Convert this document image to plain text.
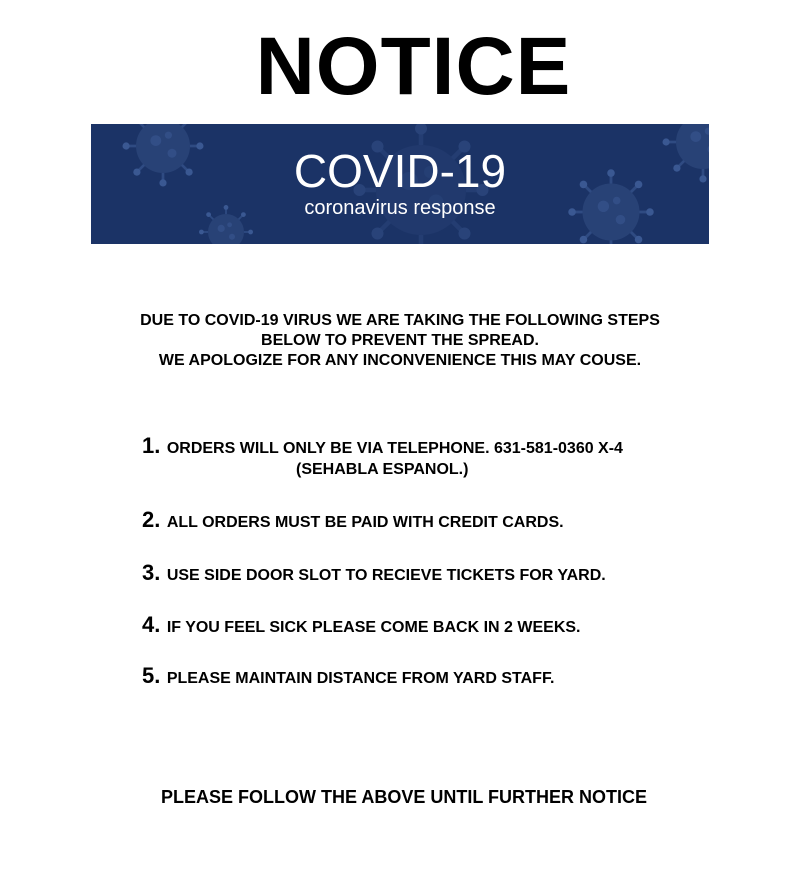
NOTICE
COVID-19
coronavirus response
DUE TO COVID-19 VIRUS WE ARE TAKING THE FOLLOWING STEPS
BELOW TO PREVENT THE SPREAD.
WE APOLOGIZE FOR ANY INCONVENIENCE THIS MAY COUSE.
1. ORDERS WILL ONLY BE VIA TELEPHONE. 631-581-0360 X-4
(SEHABLA ESPANOL.)
2. ALL ORDERS MUST BE PAID WITH CREDIT CARDS.
3. USE SIDE DOOR SLOT TO RECIEVE TICKETS FOR YARD.
4. IF YOU FEEL SICK PLEASE COME BACK IN 2 WEEKS.
5. PLEASE MAINTAIN DISTANCE FROM YARD STAFF.
PLEASE FOLLOW THE ABOVE UNTIL FURTHER NOTICE
